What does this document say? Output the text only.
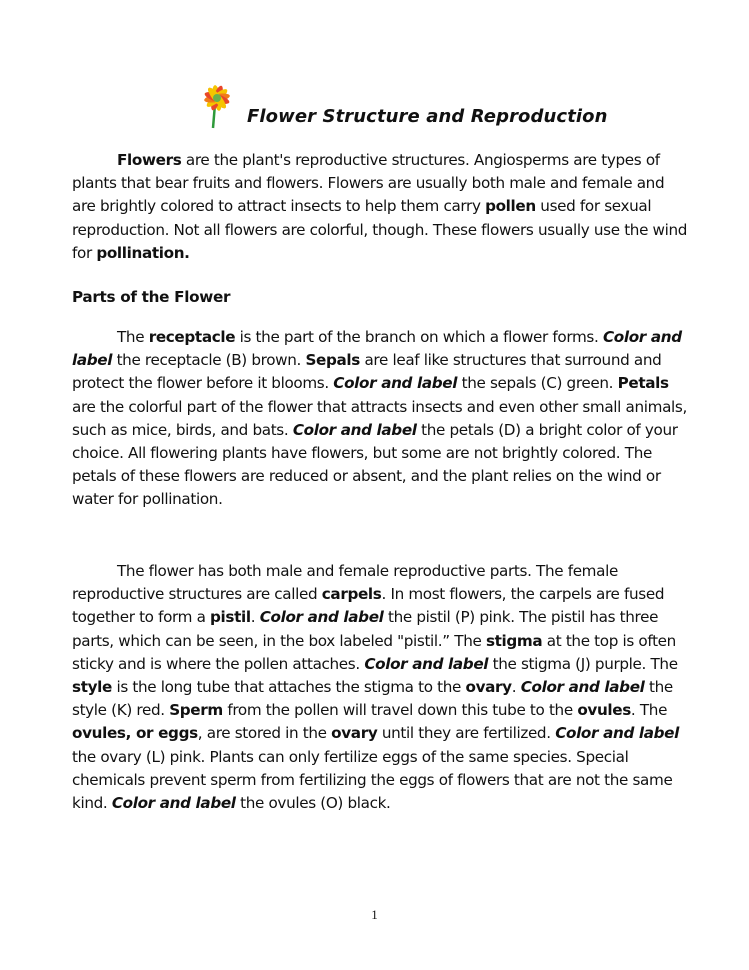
Flower Structure and Reproduction

Flowers are the plant's reproductive structures. Angiosperms are types of plants that bear fruits and flowers. Flowers are usually both male and female and are brightly colored to attract insects to help them carry pollen used for sexual reproduction. Not all flowers are colorful, though. These flowers usually use the wind for pollination.

Parts of the Flower

The receptacle is the part of the branch on which a flower forms. Color and label the receptacle (B) brown. Sepals are leaf like structures that surround and protect the flower before it blooms. Color and label the sepals (C) green. Petals are the colorful part of the flower that attracts insects and even other small animals, such as mice, birds, and bats. Color and label the petals (D) a bright color of your choice. All flowering plants have flowers, but some are not brightly colored. The petals of these flowers are reduced or absent, and the plant relies on the wind or water for pollination.

The flower has both male and female reproductive parts. The female reproductive structures are called carpels. In most flowers, the carpels are fused together to form a pistil. Color and label the pistil (P) pink. The pistil has three parts, which can be seen, in the box labeled "pistil.” The stigma at the top is often sticky and is where the pollen attaches. Color and label the stigma (J) purple. The style is the long tube that attaches the stigma to the ovary. Color and label the style (K) red. Sperm from the pollen will travel down this tube to the ovules. The ovules, or eggs, are stored in the ovary until they are fertilized. Color and label the ovary (L) pink. Plants can only fertilize eggs of the same species. Special chemicals prevent sperm from fertilizing the eggs of flowers that are not the same kind. Color and label the ovules (O) black.

1
